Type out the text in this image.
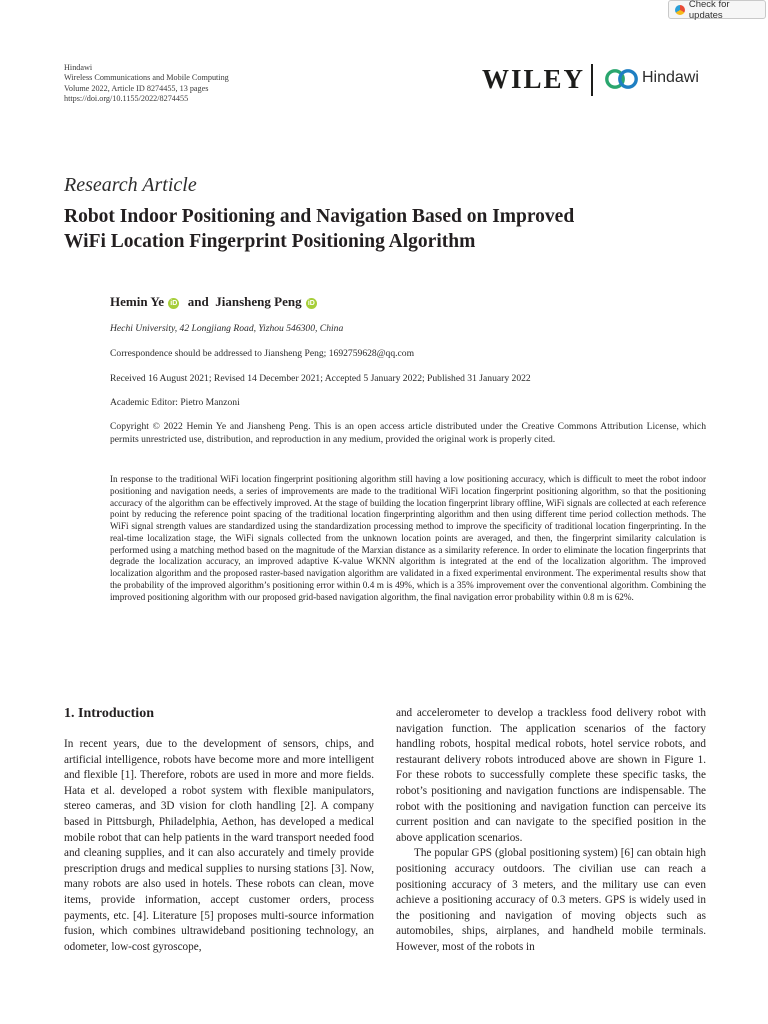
Check for updates
Hindawi
Wireless Communications and Mobile Computing
Volume 2022, Article ID 8274455, 13 pages
https://doi.org/10.1155/2022/8274455
WILEY	Hindawi
Research Article
Robot Indoor Positioning and Navigation Based on Improved
WiFi Location Fingerprint Positioning Algorithm
Hemin Ye iD  and  Jiansheng Peng iD
Hechi University, 42 Longjiang Road, Yizhou 546300, China
Correspondence should be addressed to Jiansheng Peng; 1692759628@qq.com
Received 16 August 2021; Revised 14 December 2021; Accepted 5 January 2022; Published 31 January 2022
Academic Editor: Pietro Manzoni
Copyright © 2022 Hemin Ye and Jiansheng Peng. This is an open access article distributed under the Creative Commons Attribution License, which permits unrestricted use, distribution, and reproduction in any medium, provided the original work is properly cited.
In response to the traditional WiFi location fingerprint positioning algorithm still having a low positioning accuracy, which is difficult to meet the robot indoor positioning and navigation needs, a series of improvements are made to the traditional WiFi location fingerprint positioning algorithm, so that the positioning accuracy of the algorithm can be effectively improved. At the stage of building the location fingerprint library offline, WiFi signals are collected at each reference point by reducing the reference point spacing of the traditional location fingerprinting algorithm and then using different time period collection methods. The WiFi signal strength values are standardized using the standardization processing method to improve the specificity of traditional location fingerprinting. In the real-time localization stage, the WiFi signals collected from the unknown location points are averaged, and then, the fingerprint similarity calculation is performed using a matching method based on the magnitude of the Marxian distance as a similarity reference. In order to eliminate the location fingerprints that degrade the localization accuracy, an improved adaptive K-value WKNN algorithm is integrated at the end of the localization algorithm. The improved localization algorithm and the proposed raster-based navigation algorithm are validated in a fixed experimental environment. The experimental results show that the probability of the improved algorithm’s positioning error within 0.4 m is 49%, which is a 35% improvement over the conventional algorithm. Combining the improved positioning algorithm with our proposed grid-based navigation algorithm, the final navigation error probability within 0.8 m is 62%.
1. Introduction

In recent years, due to the development of sensors, chips, and artificial intelligence, robots have become more and more intelligent and flexible [1]. Therefore, robots are used in more and more fields. Hata et al. developed a robot system with flexible manipulators, stereo cameras, and 3D vision for cloth handling [2]. A company based in Pittsburgh, Philadelphia, Aethon, has developed a medical mobile robot that can help patients in the ward transport needed food and cleaning supplies, and it can also accurately and timely provide prescription drugs and medical supplies to nursing stations [3]. Now, many robots are also used in hotels. These robots can clean, move items, provide information, accept customer orders, process payments, etc. [4]. Literature [5] proposes multi-source information fusion, which combines ultrawideband positioning technology, an odometer, low-cost gyroscope,

and accelerometer to develop a trackless food delivery robot with navigation function. The application scenarios of the factory handling robots, hospital medical robots, hotel service robots, and restaurant delivery robots introduced above are shown in Figure 1. For these robots to successfully complete these specific tasks, the robot’s positioning and navigation functions are indispensable. The robot with the positioning and navigation function can perceive its current position and can navigate to the specified position in the above application scenarios.

The popular GPS (global positioning system) [6] can obtain high positioning accuracy outdoors. The civilian use can reach a positioning accuracy of 3 meters, and the military use can even achieve a positioning accuracy of 0.3 meters. GPS is widely used in the positioning and navigation of moving objects such as automobiles, ships, airplanes, and handheld mobile terminals. However, most of the robots in
